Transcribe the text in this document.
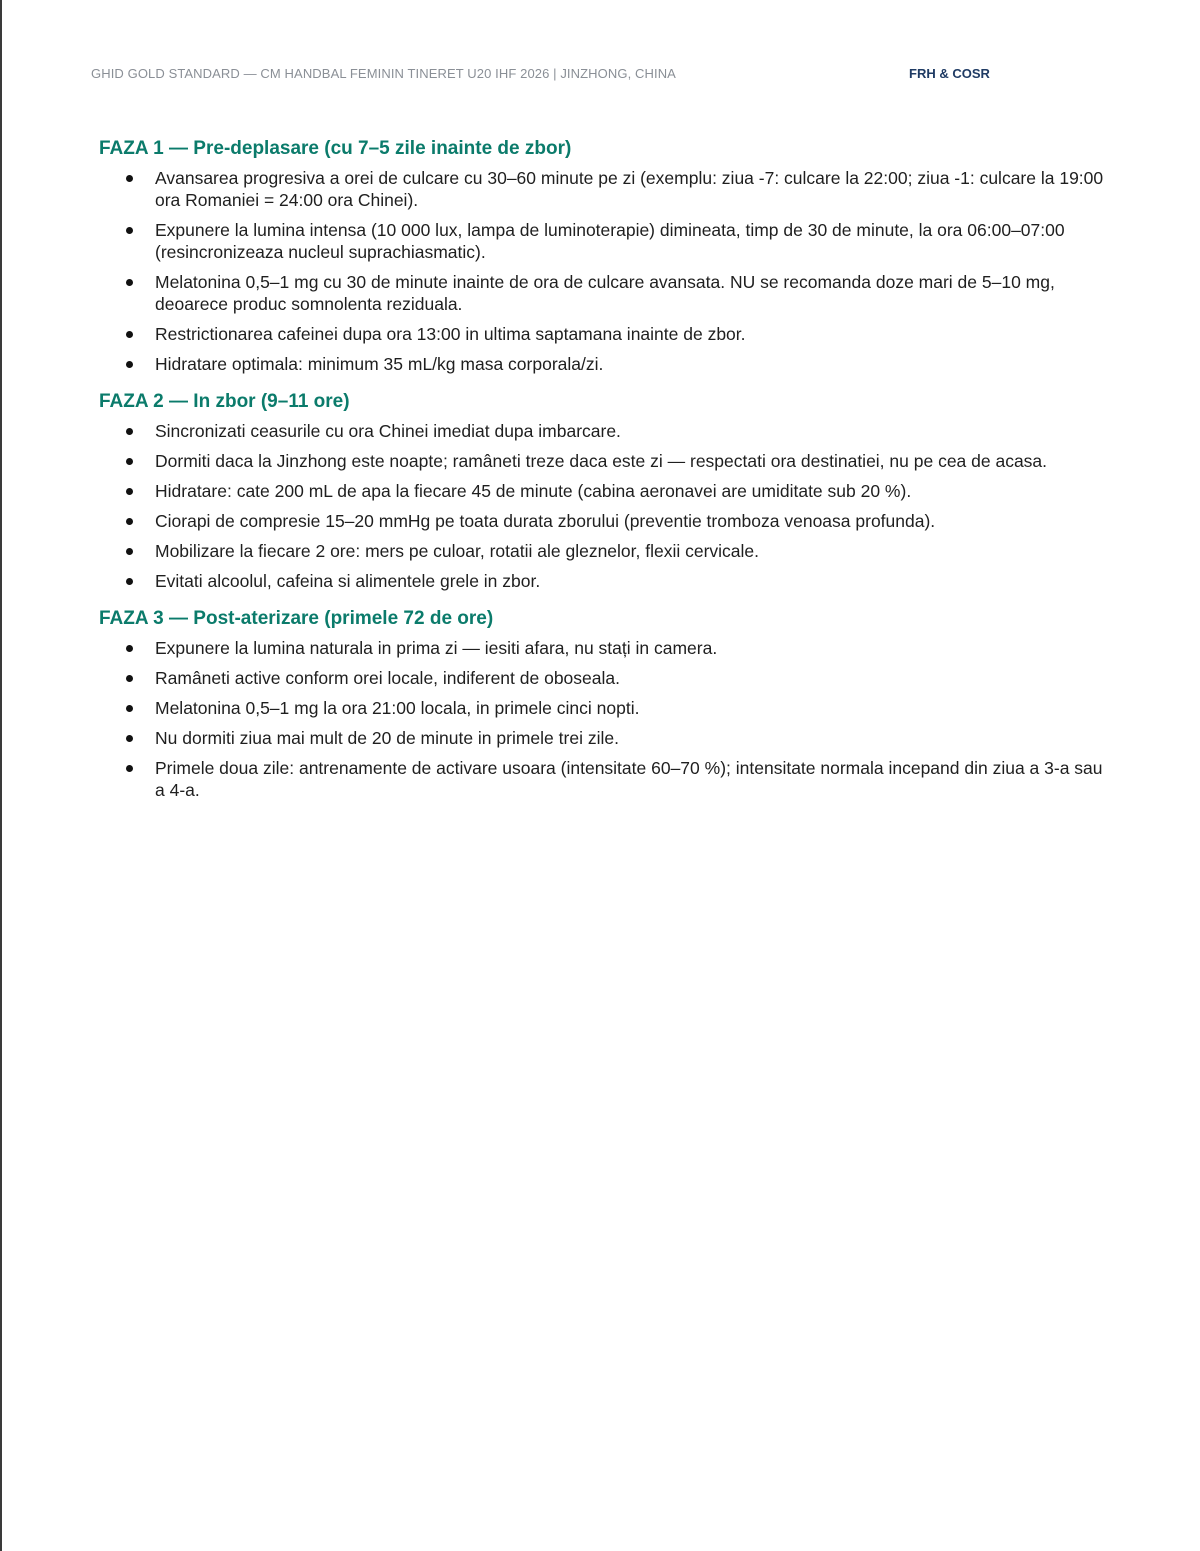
GHID GOLD STANDARD — CM HANDBAL FEMININ TINERET U20 IHF 2026 | JINZHONG, CHINA	FRH & COSR
FAZA 1 — Pre-deplasare (cu 7–5 zile inainte de zbor)
Avansarea progresiva a orei de culcare cu 30–60 minute pe zi (exemplu: ziua -7: culcare la 22:00; ziua -1: culcare la 19:00 ora Romaniei = 24:00 ora Chinei).
Expunere la lumina intensa (10 000 lux, lampa de luminoterapie) dimineata, timp de 30 de minute, la ora 06:00–07:00 (resincronizeaza nucleul suprachiasmatic).
Melatonina 0,5–1 mg cu 30 de minute inainte de ora de culcare avansata. NU se recomanda doze mari de 5–10 mg, deoarece produc somnolenta reziduala.
Restrictionarea cafeinei dupa ora 13:00 in ultima saptamana inainte de zbor.
Hidratare optimala: minimum 35 mL/kg masa corporala/zi.
FAZA 2 — In zbor (9–11 ore)
Sincronizati ceasurile cu ora Chinei imediat dupa imbarcare.
Dormiti daca la Jinzhong este noapte; ramâneti treze daca este zi — respectati ora destinatiei, nu pe cea de acasa.
Hidratare: cate 200 mL de apa la fiecare 45 de minute (cabina aeronavei are umiditate sub 20 %).
Ciorapi de compresie 15–20 mmHg pe toata durata zborului (preventie tromboza venoasa profunda).
Mobilizare la fiecare 2 ore: mers pe culoar, rotatii ale gleznelor, flexii cervicale.
Evitati alcoolul, cafeina si alimentele grele in zbor.
FAZA 3 — Post-aterizare (primele 72 de ore)
Expunere la lumina naturala in prima zi — iesiti afara, nu stați in camera.
Ramâneti active conform orei locale, indiferent de oboseala.
Melatonina 0,5–1 mg la ora 21:00 locala, in primele cinci nopti.
Nu dormiti ziua mai mult de 20 de minute in primele trei zile.
Primele doua zile: antrenamente de activare usoara (intensitate 60–70 %); intensitate normala incepand din ziua a 3-a sau a 4-a.
